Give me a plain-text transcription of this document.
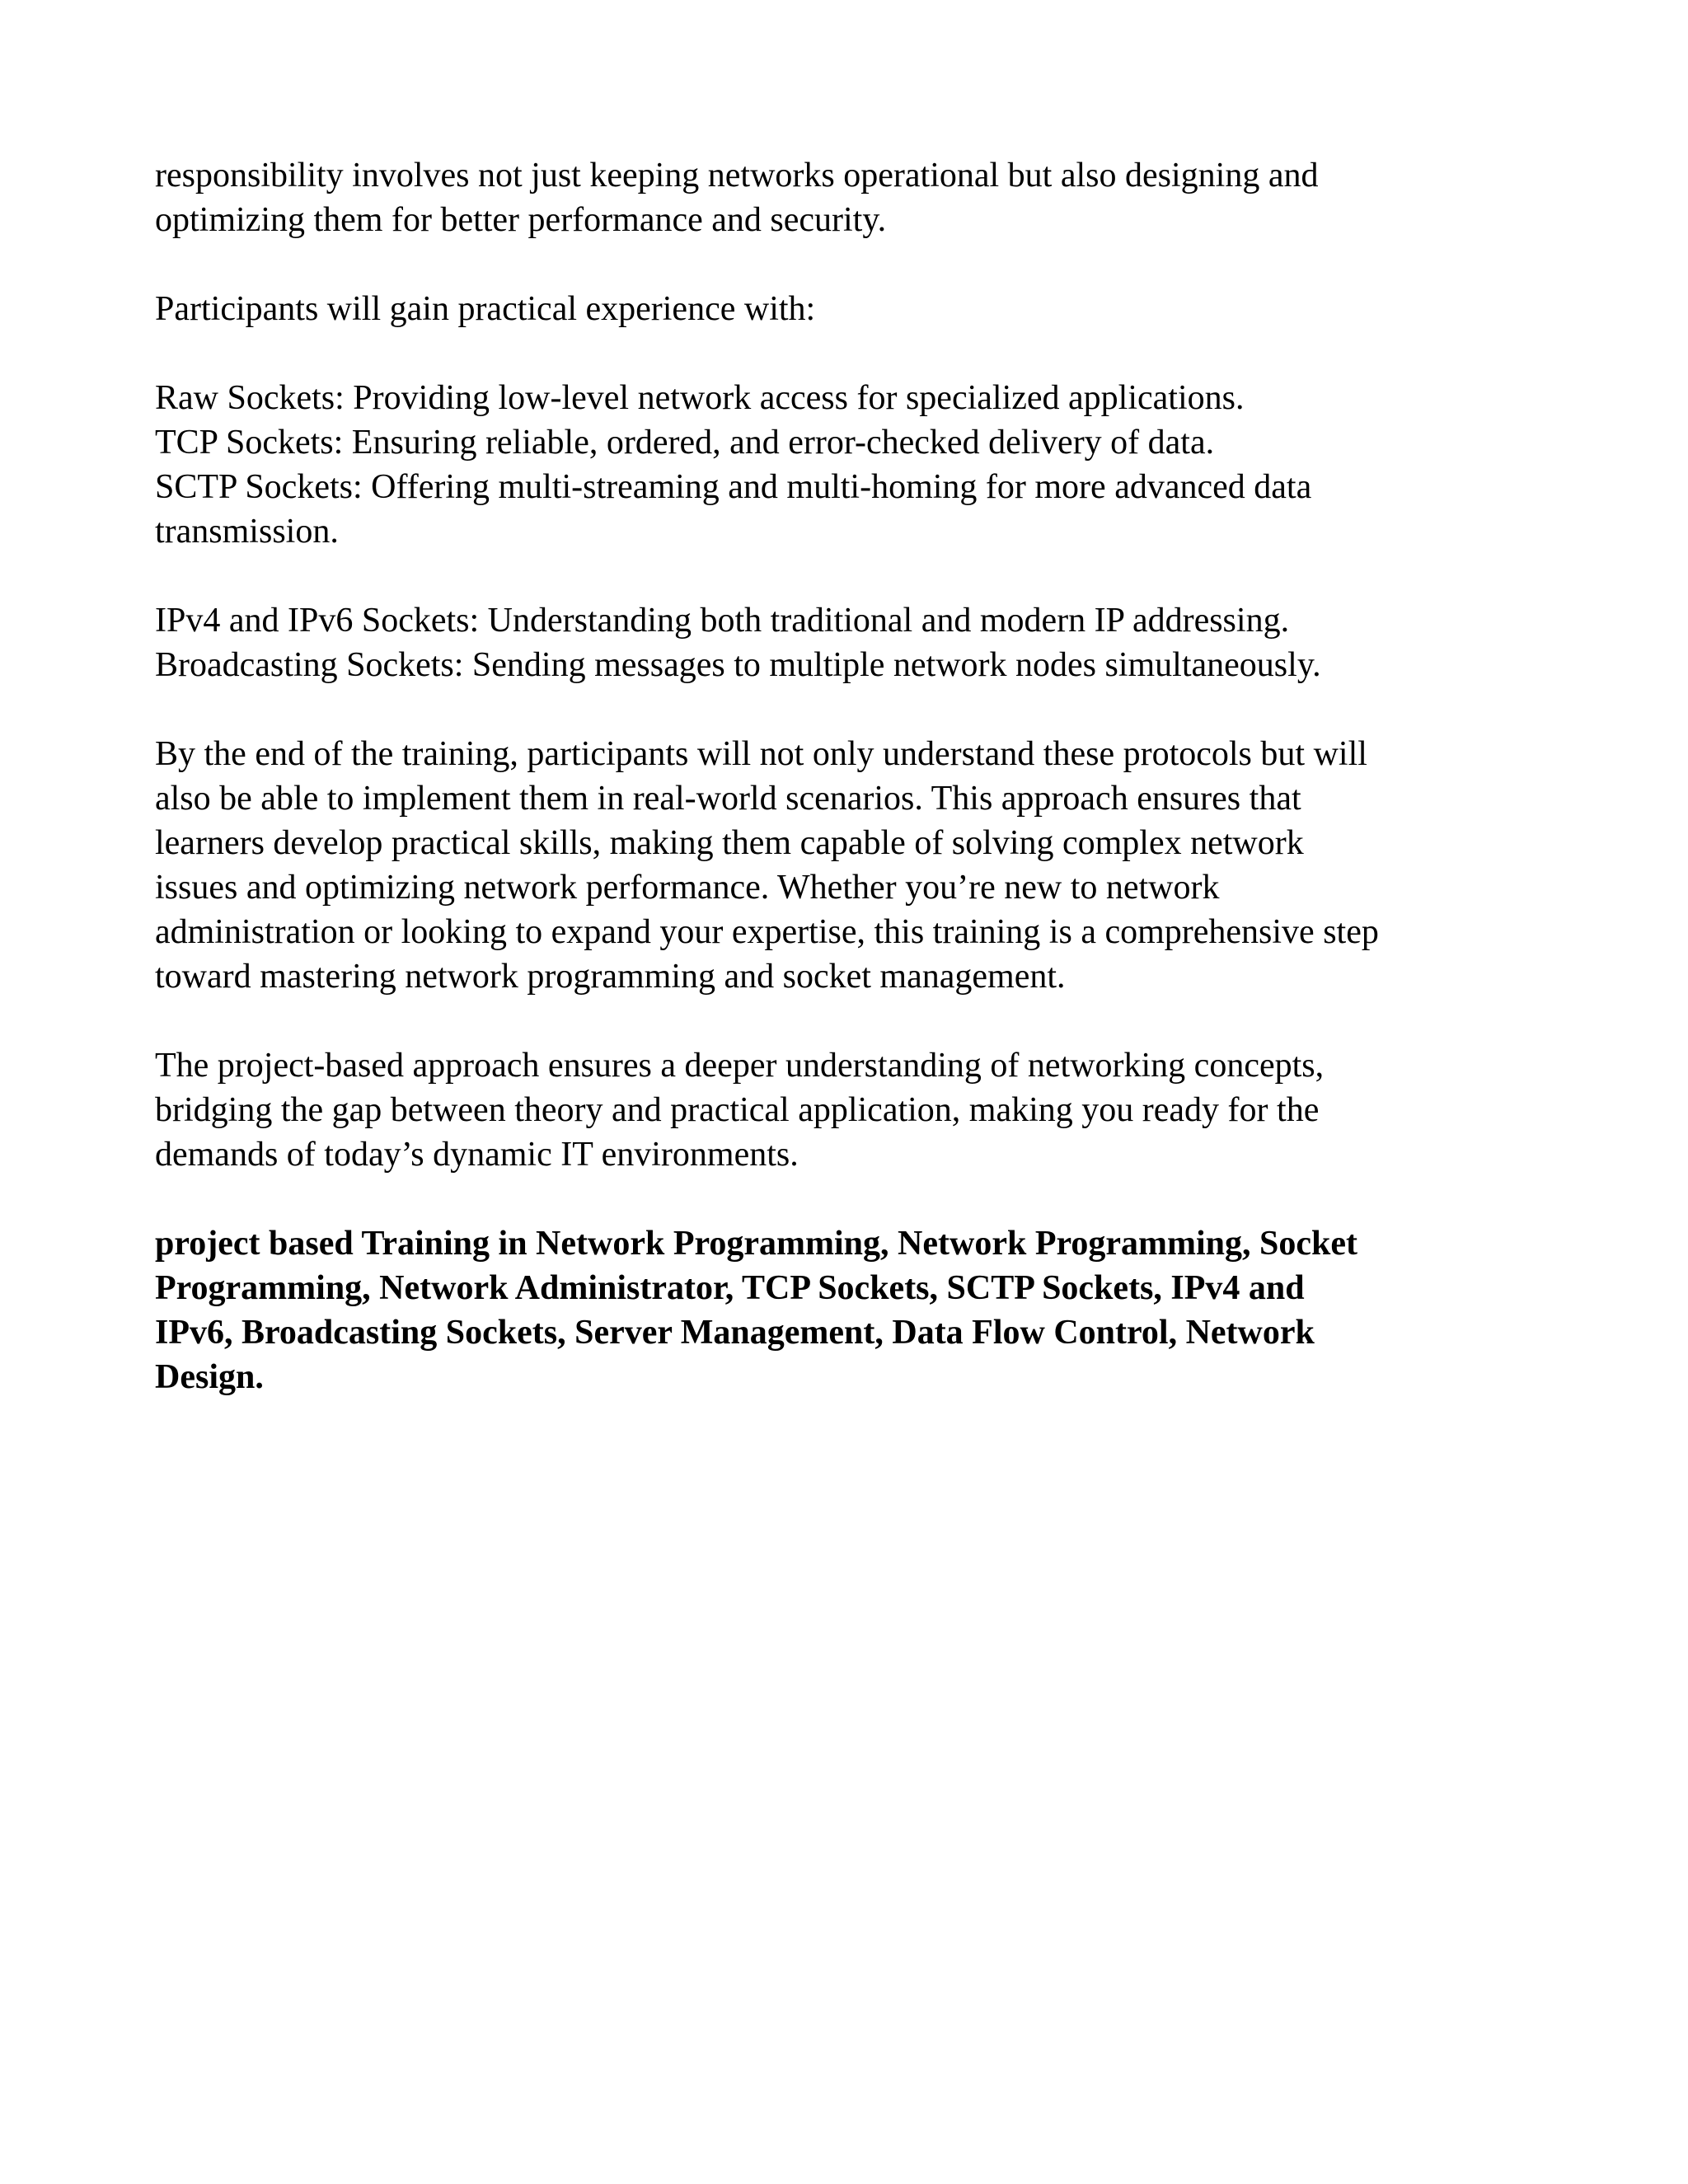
responsibility involves not just keeping networks operational but also designing and
optimizing them for better performance and security.
Participants will gain practical experience with:
Raw Sockets: Providing low-level network access for specialized applications.
TCP Sockets: Ensuring reliable, ordered, and error-checked delivery of data.
SCTP Sockets: Offering multi-streaming and multi-homing for more advanced data
transmission.
IPv4 and IPv6 Sockets: Understanding both traditional and modern IP addressing.
Broadcasting Sockets: Sending messages to multiple network nodes simultaneously.
By the end of the training, participants will not only understand these protocols but will
also be able to implement them in real-world scenarios. This approach ensures that
learners develop practical skills, making them capable of solving complex network
issues and optimizing network performance. Whether you’re new to network
administration or looking to expand your expertise, this training is a comprehensive step
toward mastering network programming and socket management.
The project-based approach ensures a deeper understanding of networking concepts,
bridging the gap between theory and practical application, making you ready for the
demands of today’s dynamic IT environments.
project based Training in Network Programming, Network Programming, Socket
Programming, Network Administrator, TCP Sockets, SCTP Sockets, IPv4 and
IPv6, Broadcasting Sockets, Server Management, Data Flow Control, Network
Design.
